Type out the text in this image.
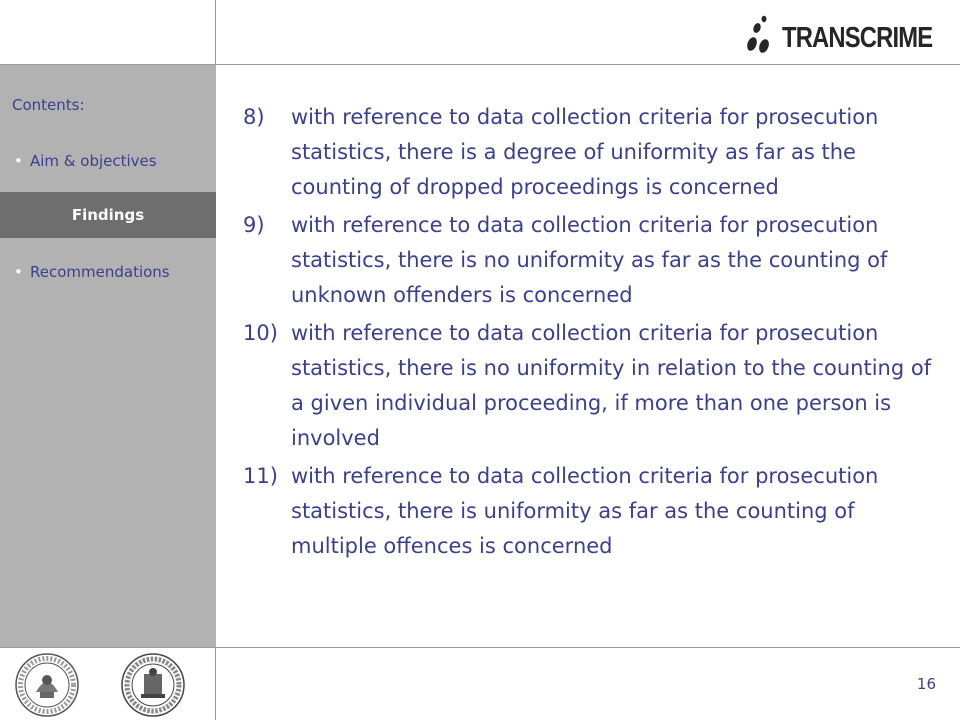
Contents:
• Aim & objectives
Findings
• Recommendations
TRANSCRIME
8) with reference to data collection criteria for prosecution statistics, there is a degree of uniformity as far as the counting of dropped proceedings is concerned
9) with reference to data collection criteria for prosecution statistics, there is no uniformity as far as the counting of unknown offenders is concerned
10) with reference to data collection criteria for prosecution statistics, there is no uniformity in relation to the counting of a given individual proceeding, if more than one person is involved
11) with reference to data collection criteria for prosecution statistics, there is uniformity as far as the counting of multiple offences is concerned
16
